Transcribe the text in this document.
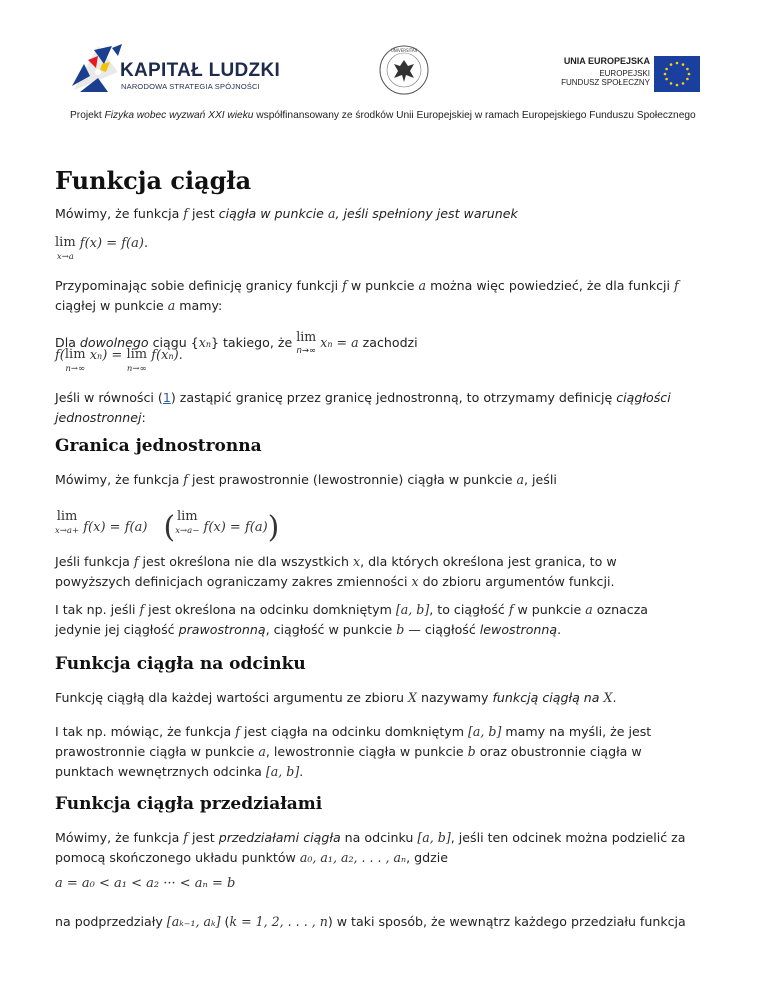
KAPITAŁ LUDZKI
NARODOWA STRATEGIA SPÓJNOŚCI
UNIVERSITAS
UNIA EUROPEJSKA
EUROPEJSKI
FUNDUSZ SPOŁECZNY
Projekt Fizyka wobec wyzwań XXI wieku współfinansowany ze środków Unii Europejskiej w ramach Europejskiego Funduszu Społecznego
Funkcja ciągła
Mówimy, że funkcja f jest ciągła w punkcie a, jeśli spełniony jest warunek
lim
x→a
f(x) = f(a).
Przypominając sobie definicję granicy funkcji f w punkcie a można więc powiedzieć, że dla funkcji f
ciągłej w punkcie a mamy:
Dla dowolnego ciągu {xn} takiego, że lim
n→∞
xn = a zachodzi
f( lim
n→∞
xn) = lim
n→∞
f(xn).
Jeśli w równości (1) zastąpić granicę przez granicę jednostronną, to otrzymamy definicję ciągłości
jednostronnej:
Granica jednostronna
Mówimy, że funkcja f jest prawostronnie (lewostronnie) ciągła w punkcie a, jeśli
lim
x→a+ f(x) = f(a) ( lim
x→a− f(x) = f(a))
Jeśli funkcja f jest określona nie dla wszystkich x, dla których określona jest granica, to w
powyższych definicjach ograniczamy zakres zmienności x do zbioru argumentów funkcji.
I tak np. jeśli f jest określona na odcinku domkniętym [a, b], to ciągłość f w punkcie a oznacza
jedynie jej ciągłość prawostronną, ciągłość w punkcie b — ciągłość lewostronną.
Funkcja ciągła na odcinku
Funkcję ciągłą dla każdej wartości argumentu ze zbioru X nazywamy funkcją ciągłą na X.
I tak np. mówiąc, że funkcja f jest ciągła na odcinku domkniętym [a, b] mamy na myśli, że jest
prawostronnie ciągła w punkcie a, lewostronnie ciągła w punkcie b oraz obustronnie ciągła w
punktach wewnętrznych odcinka [a, b].
Funkcja ciągła przedziałami
Mówimy, że funkcja f jest przedziałami ciągła na odcinku [a, b], jeśli ten odcinek można podzielić za
pomocą skończonego układu punktów a₀, a₁, a₂, . . . , aₙ, gdzie
a = a₀ < a₁ < a₂ ··· < aₙ = b
na podprzedziały [aₖ₋₁, aₖ] (k = 1, 2, . . . , n) w taki sposób, że wewnątrz każdego przedziału funkcja
